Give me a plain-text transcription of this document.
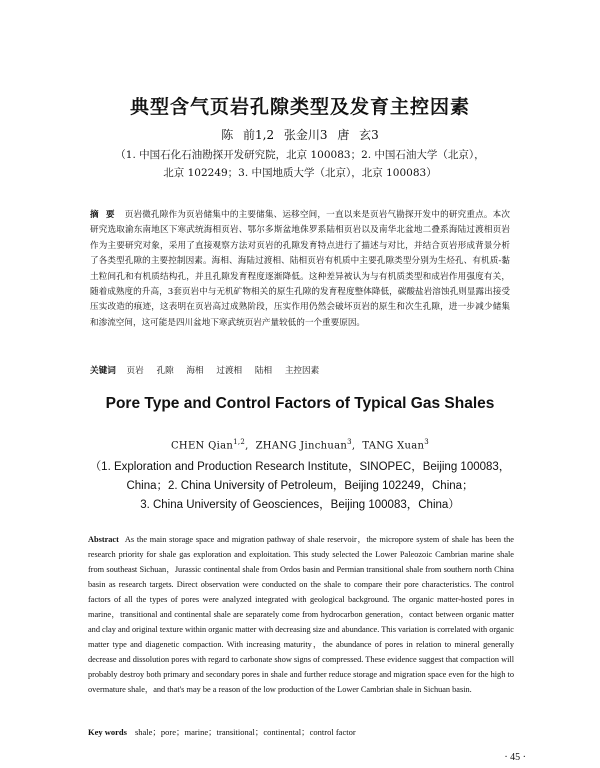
典型含气页岩孔隙类型及发育主控因素
陈 前1,2 张金川3 唐 玄3
（1. 中国石化石油勘探开发研究院，北京 100083；2. 中国石油大学（北京），
北京 102249；3. 中国地质大学（北京），北京 100083）
摘 要 页岩微孔隙作为页岩储集中的主要储集、运移空间，一直以来是页岩气勘探开发中的研究重点。本次研究选取渝东南地区下寒武统海相页岩、鄂尔多斯盆地侏罗系陆相页岩以及南华北盆地二叠系海陆过渡相页岩作为主要研究对象，采用了直接观察方法对页岩的孔隙发育特点进行了描述与对比，并结合页岩形成背景分析了各类型孔隙的主要控制因素。海相、海陆过渡相、陆相页岩有机质中主要孔隙类型分别为生烃孔、有机质-黏土粒间孔和有机质结构孔，并且孔隙发育程度逐渐降低。这种差异被认为与有机质类型和成岩作用强度有关，随着成熟度的升高，3套页岩中与无机矿物相关的原生孔隙的发育程度整体降低，碳酸盐岩溶蚀孔则显露出接受压实改造的痕迹，这表明在页岩高过成熟阶段，压实作用仍然会破坏页岩的原生和次生孔隙，进一步减少储集和渗流空间，这可能是四川盆地下寒武统页岩产量较低的一个重要原因。
关键词 页岩 孔隙 海相 过渡相 陆相 主控因素
Pore Type and Control Factors of Typical Gas Shales
CHEN Qian$^{1,2}$,  ZHANG Jinchuan$^3$,  TANG Xuan$^3$
（1. Exploration and Production Research Institute，SINOPEC，Beijing 100083，
China；2. China University of Petroleum，Beijing 102249，China；
3. China University of Geosciences，Beijing 100083，China）
Abstract As the main storage space and migration pathway of shale reservoir，the micropore system of shale has been the research priority for shale gas exploration and exploitation. This study selected the Lower Paleozoic Cambrian marine shale from southeast Sichuan，Jurassic continental shale from Ordos basin and Permian transitional shale from southern north China basin as research targets. Direct observation were conducted on the shale to compare their pore characteristics. The control factors of all the types of pores were analyzed integrated with geological background. The organic matter-hosted pores in marine，transitional and continental shale are separately come from hydrocarbon generation，contact between organic matter and clay and original texture within organic matter with decreasing size and abundance. This variation is correlated with organic matter type and diagenetic compaction. With increasing maturity，the abundance of pores in relation to mineral generally decrease and dissolution pores with regard to carbonate show signs of compressed. These evidence suggest that compaction will probably destroy both primary and secondary pores in shale and further reduce storage and migration space even for the high to overmature shale，and that's may be a reason of the low production of the Lower Cambrian shale in Sichuan basin.
Key words shale；pore；marine；transitional；continental；control factor
· 45 ·
